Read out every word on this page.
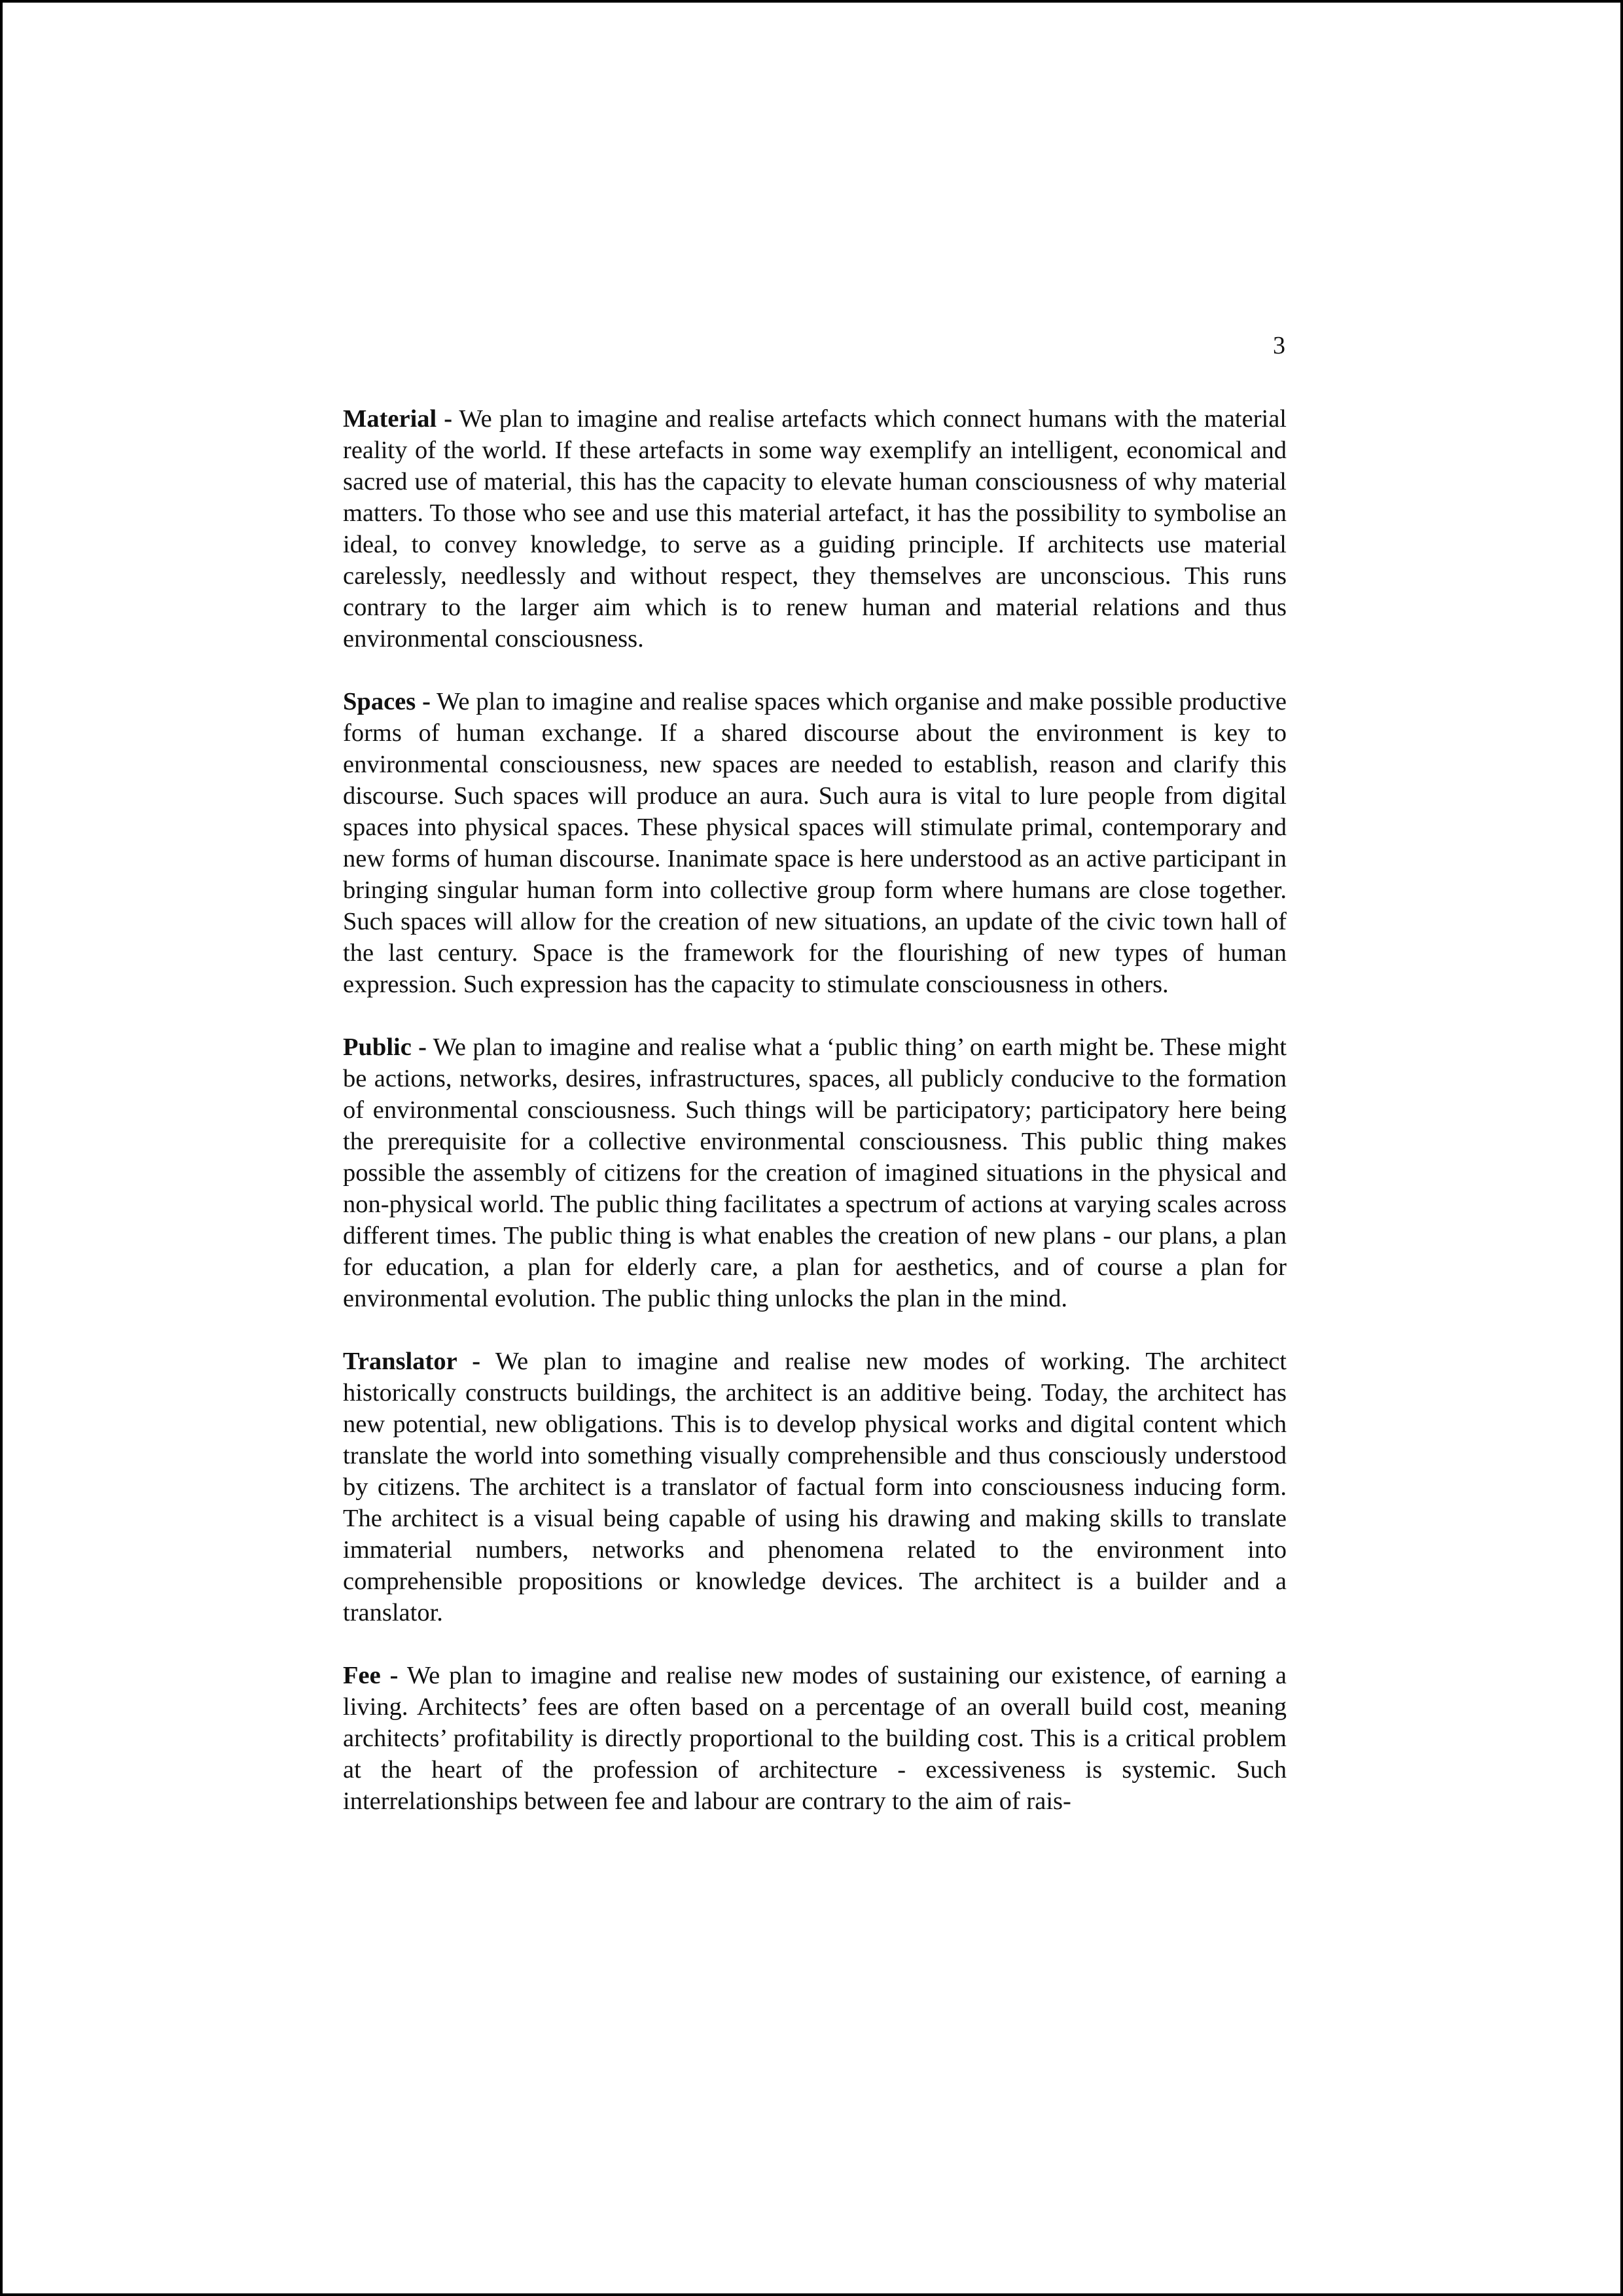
3

Material - We plan to imagine and realise artefacts which connect humans with the material reality of the world. If these artefacts in some way exemplify an intelligent, economical and sacred use of material, this has the capacity to elevate human consciousness of why material matters. To those who see and use this material artefact, it has the possibility to symbolise an ideal, to convey knowledge, to serve as a guiding principle. If architects use material carelessly, needlessly and without respect, they themselves are unconscious. This runs contrary to the larger aim which is to renew human and material relations and thus environmental consciousness.

Spaces - We plan to imagine and realise spaces which organise and make possible productive forms of human exchange. If a shared discourse about the environment is key to environmental consciousness, new spaces are needed to establish, reason and clarify this discourse. Such spaces will produce an aura. Such aura is vital to lure people from digital spaces into physical spaces. These physical spaces will stimulate primal, contemporary and new forms of human discourse. Inanimate space is here understood as an active participant in bringing singular human form into collective group form where humans are close together. Such spaces will allow for the creation of new situations, an update of the civic town hall of the last century. Space is the framework for the flourishing of new types of human expression. Such expression has the capacity to stimulate consciousness in others.

Public - We plan to imagine and realise what a ‘public thing’ on earth might be. These might be actions, networks, desires, infrastructures, spaces, all publicly conducive to the formation of environmental consciousness. Such things will be participatory; participatory here being the prerequisite for a collective environmental consciousness. This public thing makes possible the assembly of citizens for the creation of imagined situations in the physical and non-physical world. The public thing facilitates a spectrum of actions at varying scales across different times. The public thing is what enables the creation of new plans - our plans, a plan for education, a plan for elderly care, a plan for aesthetics, and of course a plan for environmental evolution. The public thing unlocks the plan in the mind.

Translator - We plan to imagine and realise new modes of working. The architect historically constructs buildings, the architect is an additive being. Today, the architect has new potential, new obligations. This is to develop physical works and digital content which translate the world into something visually comprehensible and thus consciously understood by citizens. The architect is a translator of factual form into consciousness inducing form. The architect is a visual being capable of using his drawing and making skills to translate immaterial numbers, networks and phenomena related to the environment into comprehensible propositions or knowledge devices. The architect is a builder and a translator.

Fee - We plan to imagine and realise new modes of sustaining our existence, of earning a living. Architects’ fees are often based on a percentage of an overall build cost, meaning architects’ profitability is directly proportional to the building cost. This is a critical problem at the heart of the profession of architecture - excessiveness is systemic. Such interrelationships between fee and labour are contrary to the aim of rais-
